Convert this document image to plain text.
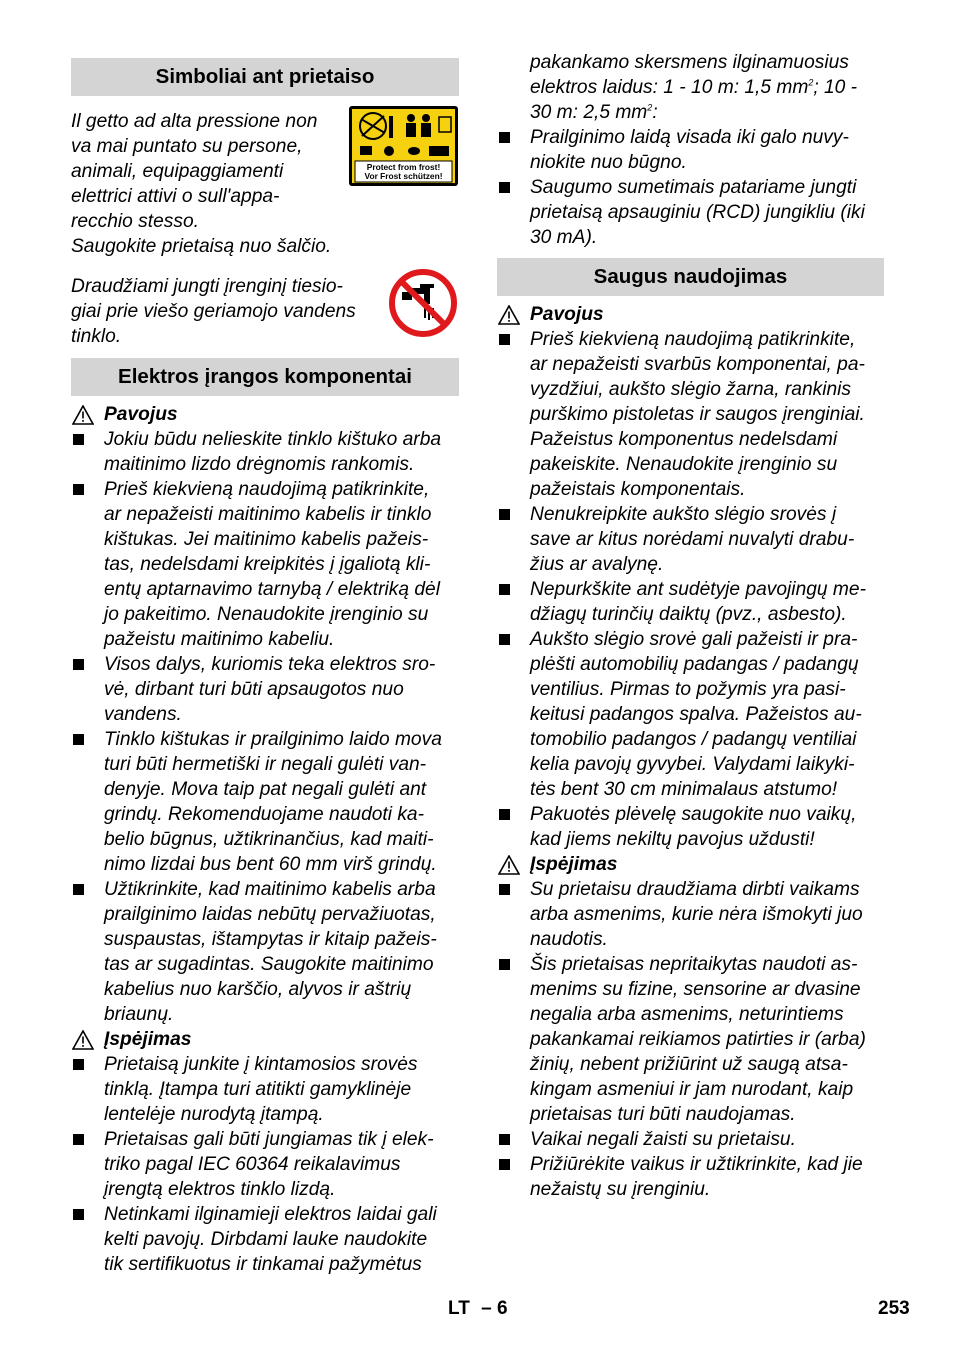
Simboliai ant prietaiso
Protect from frost!
Vor Frost schützen!
Il getto ad alta pressione non
va mai puntato su persone,
animali, equipaggiamenti
elettrici attivi o sull'appa-
recchio stesso.
Saugokite prietaisą nuo šalčio.
Draudžiami jungti įrenginį tiesio-
giai prie viešo geriamojo vandens
tinklo.
Elektros įrangos komponentai
Pavojus
Jokiu būdu nelieskite tinklo kištuko arba
maitinimo lizdo drėgnomis rankomis.
Prieš kiekvieną naudojimą patikrinkite,
ar nepažeisti maitinimo kabelis ir tinklo
kištukas. Jei maitinimo kabelis pažeis-
tas, nedelsdami kreipkitės į įgaliotą kli-
entų aptarnavimo tarnybą / elektriką dėl
jo pakeitimo. Nenaudokite įrenginio su
pažeistu maitinimo kabeliu.
Visos dalys, kuriomis teka elektros sro-
vė, dirbant turi būti apsaugotos nuo
vandens.
Tinklo kištukas ir prailginimo laido mova
turi būti hermetiški ir negali gulėti van-
denyje. Mova taip pat negali gulėti ant
grindų. Rekomenduojame naudoti ka-
belio būgnus, užtikrinančius, kad maiti-
nimo lizdai bus bent 60 mm virš grindų.
Užtikrinkite, kad maitinimo kabelis arba
prailginimo laidas nebūtų pervažiuotas,
suspaustas, ištampytas ir kitaip pažeis-
tas ar sugadintas. Saugokite maitinimo
kabelius nuo karščio, alyvos ir aštrių
briaunų.
Įspėjimas
Prietaisą junkite į kintamosios srovės
tinklą. Įtampa turi atitikti gamyklinėje
lentelėje nurodytą įtampą.
Prietaisas gali būti jungiamas tik į elek-
triko pagal IEC 60364 reikalavimus
įrengtą elektros tinklo lizdą.
Netinkami ilginamieji elektros laidai gali
kelti pavojų. Dirbdami lauke naudokite
tik sertifikuotus ir tinkamai pažymėtus
pakankamo skersmens ilginamuosius
elektros laidus: 1 - 10 m: 1,5 $mm^2$; 10 -
30 m: 2,5 $mm^2$:
Prailginimo laidą visada iki galo nuvy-
niokite nuo būgno.
Saugumo sumetimais patariame jungti
prietaisą apsauginiu (RCD) jungikliu (iki
30 mA).
Saugus naudojimas
Pavojus
Prieš kiekvieną naudojimą patikrinkite,
ar nepažeisti svarbūs komponentai, pa-
vyzdžiui, aukšto slėgio žarna, rankinis
purškimo pistoletas ir saugos įrenginiai.
Pažeistus komponentus nedelsdami
pakeiskite. Nenaudokite įrenginio su
pažeistais komponentais.
Nenukreipkite aukšto slėgio srovės į
save ar kitus norėdami nuvalyti drabu-
žius ar avalynę.
Nepurkškite ant sudėtyje pavojingų me-
džiagų turinčių daiktų (pvz., asbesto).
Aukšto slėgio srovė gali pažeisti ir pra-
plėšti automobilių padangas / padangų
ventilius. Pirmas to požymis yra pasi-
keitusi padangos spalva. Pažeistos au-
tomobilio padangos / padangų ventiliai
kelia pavojų gyvybei. Valydami laikyki-
tės bent 30 cm minimalaus atstumo!
Pakuotės plėvelę saugokite nuo vaikų,
kad jiems nekiltų pavojus uždusti!
Įspėjimas
Su prietaisu draudžiama dirbti vaikams
arba asmenims, kurie nėra išmokyti juo
naudotis.
Šis prietaisas nepritaikytas naudoti as-
menims su fizine, sensorine ar dvasine
negalia arba asmenims, neturintiems
pakankamai reikiamos patirties ir (arba)
žinių, nebent prižiūrint už saugą atsa-
kingam asmeniui ir jam nurodant, kaip
prietaisas turi būti naudojamas.
Vaikai negali žaisti su prietaisu.
Prižiūrėkite vaikus ir užtikrinkite, kad jie
nežaistų su įrenginiu.
LT – 6	253
